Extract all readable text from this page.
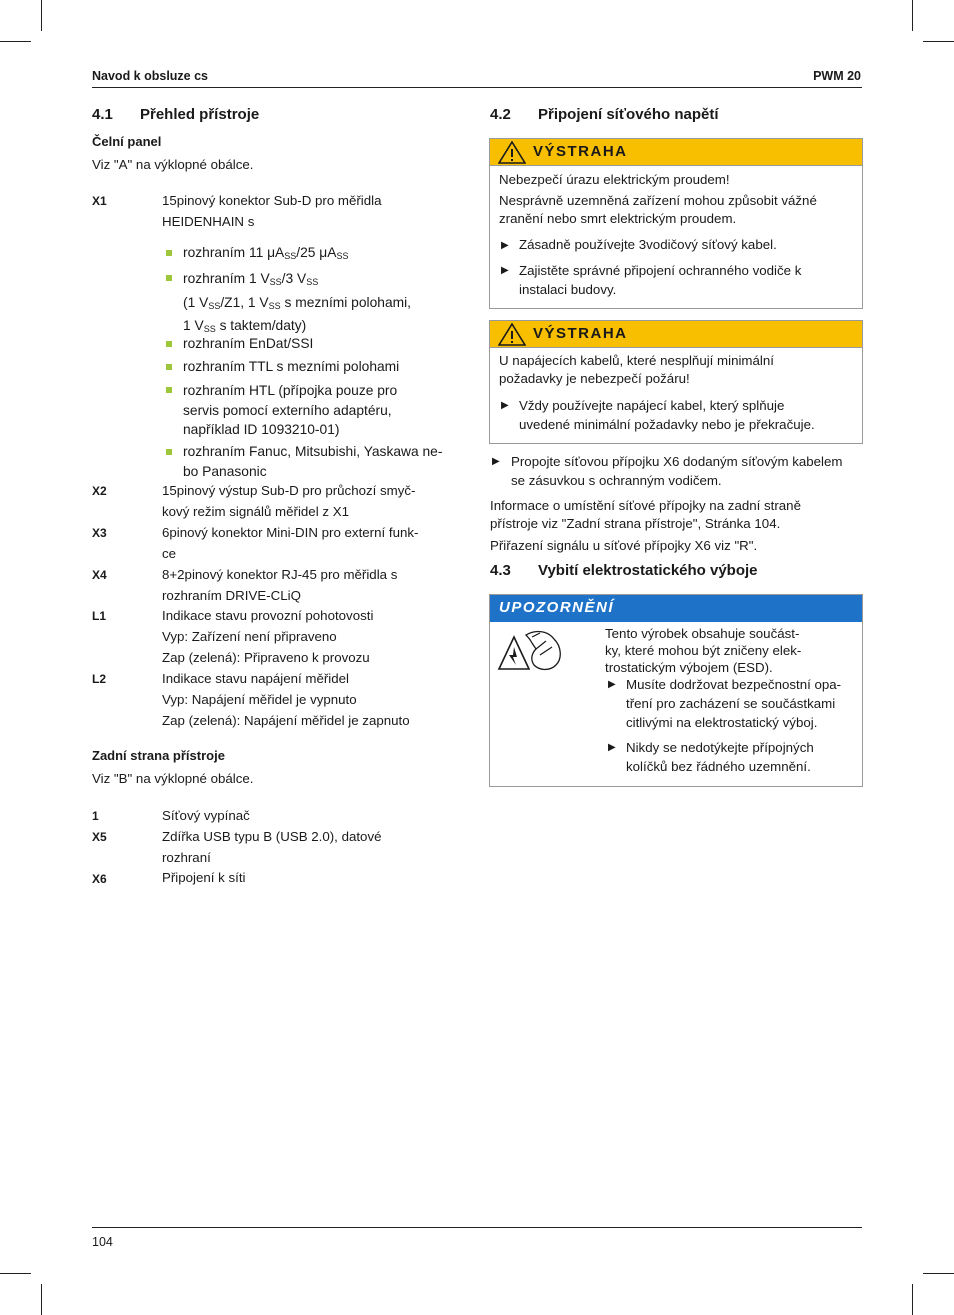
Navod k obsluze cs	PWM 20
4.1 Přehled přístroje
Čelní panel
Viz "A" na výklopné obálce.
X1	15pinový konektor Sub-D pro měřidla
HEIDENHAIN s
rozhraním 11 $\mu A_{SS}/25$ $\mu A_{SS}$
rozhraním 1 $V_{SS}/3$ $V_{SS}$
(1 $V_{SS}/Z1$, 1 $V_{SS}$ s mezními polohami,
1 $V_{SS}$ s taktem/daty)
rozhraním EnDat/SSI
rozhraním TTL s mezními polohami
rozhraním HTL (přípojka pouze pro
servis pomocí externího adaptéru,
například ID 1093210-01)
rozhraním Fanuc, Mitsubishi, Yaskawa ne-
bo Panasonic
X2	15pinový výstup Sub-D pro průchozí smyč-
kový režim signálů měřidel z X1
X3	6pinový konektor Mini-DIN pro externí funk-
ce
X4	8+2pinový konektor RJ-45 pro měřidla s
rozhraním DRIVE-CLiQ
L1	Indikace stavu provozní pohotovosti
Vyp: Zařízení není připraveno
Zap (zelená): Připraveno k provozu
L2	Indikace stavu napájení měřidel
Vyp: Napájení měřidel je vypnuto
Zap (zelená): Napájení měřidel je zapnuto
Zadní strana přístroje
Viz "B" na výklopné obálce.
1	Síťový vypínač
X5	Zdířka USB typu B (USB 2.0), datové
rozhraní
X6	Připojení k síti
4.2 Připojení síťového napětí
VÝSTRAHA
Nebezpečí úrazu elektrickým proudem!
Nesprávně uzemněná zařízení mohou způsobit vážné
zranění nebo smrt elektrickým proudem.
▶ Zásadně používejte 3vodičový síťový kabel.
▶ Zajistěte správné připojení ochranného vodiče k
instalaci budovy.
VÝSTRAHA
U napájecích kabelů, které nesplňují minimální
požadavky je nebezpečí požáru!
▶ Vždy používejte napájecí kabel, který splňuje
uvedené minimální požadavky nebo je překračuje.
▶ Propojte síťovou přípojku X6 dodaným síťovým kabelem
se zásuvkou s ochranným vodičem.
Informace o umístění síťové přípojky na zadní straně
přístroje viz "Zadní strana přístroje", Stránka 104.
Přiřazení signálu u síťové přípojky X6 viz "R".
4.3 Vybití elektrostatického výboje
UPOZORNĚNÍ
Tento výrobek obsahuje součást-
ky, které mohou být zničeny elek-
trostatickým výbojem (ESD).
▶ Musíte dodržovat bezpečnostní opa-
tření pro zacházení se součástkami
citlivými na elektrostatický výboj.
▶ Nikdy se nedotýkejte přípojných
kolíčků bez řádného uzemnění.
104
